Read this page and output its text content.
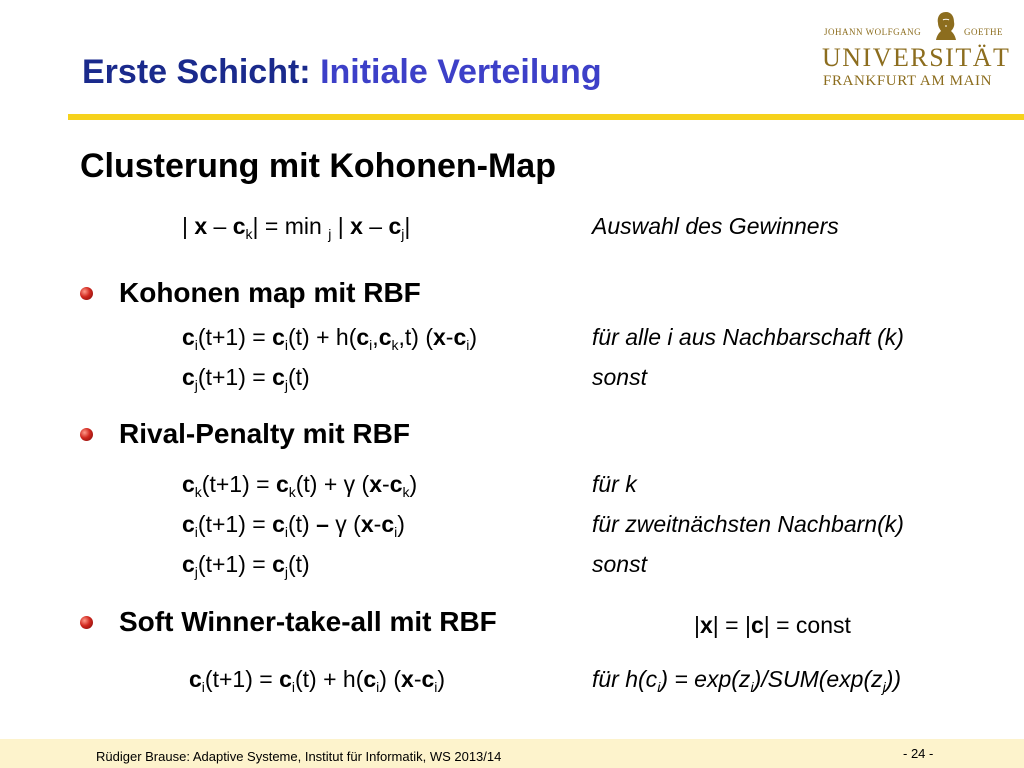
Erste Schicht: Initiale Verteilung
JOHANN WOLFGANG	GOETHE
UNIVERSITÄT
FRANKFURT AM MAIN
Clusterung mit Kohonen-Map
| $x - c_k| = \min _j$ | x – $c_j|$	Auswahl des Gewinners
Kohonen map mit RBF
$c_i(t+1) = c_i(t) + h(c_i,c_k,t)$ $(x-c_i)$	für alle i aus Nachbarschaft (k)
$c_j(t+1) = c_j(t)$	sonst
Rival-Penalty mit RBF
$c_k(t+1) = c_k(t) + \gamma$ $(x-c_k)$	für k
$c_i(t+1) = c_i(t) - \gamma$ $(x-c_i)$	für zweitnächsten Nachbarn(k)
$c_j(t+1) = c_j(t)$	sonst
Soft Winner-take-all mit RBF	|x| = |c| = const
$c_i(t+1) = c_i(t) + h(c_i)$ $(x-c_i)$	für $h(c_i) = \exp(z_i)/SUM(\exp(z_j))$
Rüdiger Brause: Adaptive Systeme, Institut für Informatik, WS 2013/14	- 24 -
